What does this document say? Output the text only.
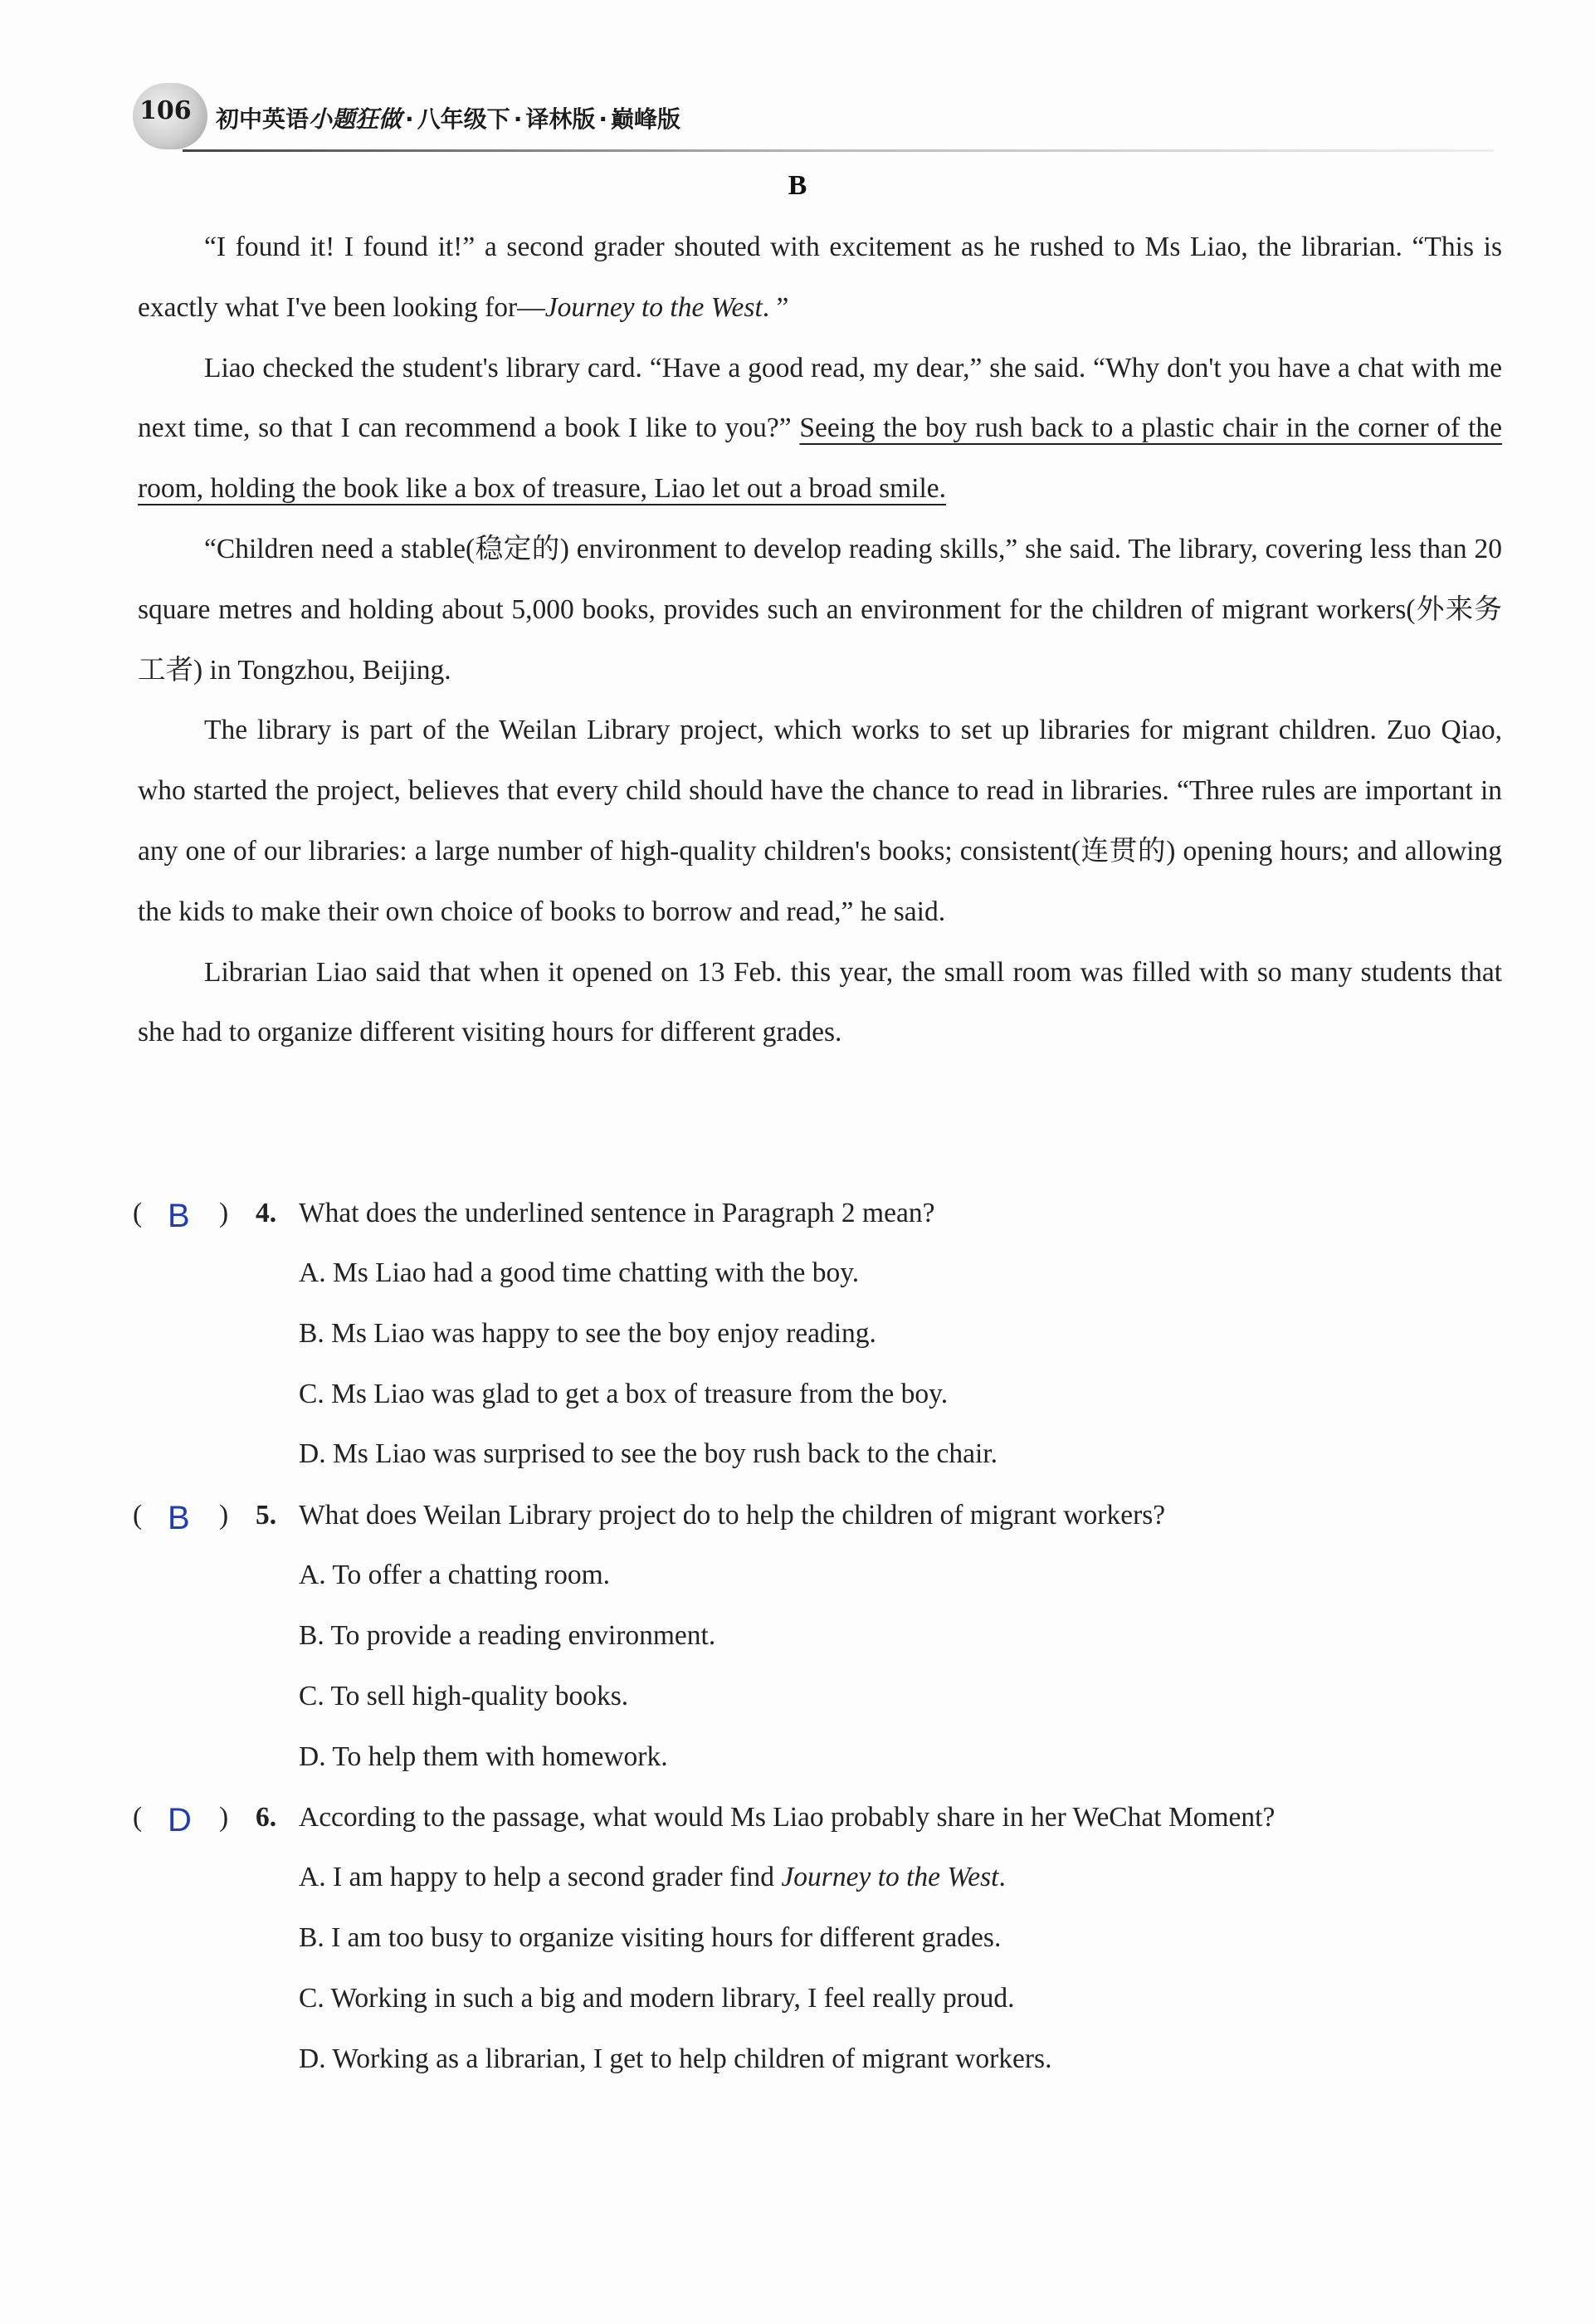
106 初中英语小题狂做 · 八年级下 · 译林版 · 巅峰版
B

“I found it! I found it!” a second grader shouted with excitement as he rushed to Ms Liao, the librarian. “This is exactly what I've been looking for—Journey to the West. ”

Liao checked the student's library card. “Have a good read, my dear,” she said. “Why don't you have a chat with me next time, so that I can recommend a book I like to you?” Seeing the boy rush back to a plastic chair in the corner of the room, holding the book like a box of treasure, Liao let out a broad smile.

“Children need a stable(稳定的) environment to develop reading skills,” she said. The library, covering less than 20 square metres and holding about 5,000 books, provides such an environment for the children of migrant workers(外来务工者) in Tongzhou, Beijing.

The library is part of the Weilan Library project, which works to set up libraries for migrant children. Zuo Qiao, who started the project, believes that every child should have the chance to read in libraries. “Three rules are important in any one of our libraries: a large number of high-quality children's books; consistent(连贯的) opening hours; and allowing the kids to make their own choice of books to borrow and read,” he said.

Librarian Liao said that when it opened on 13 Feb. this year, the small room was filled with so many students that she had to organize different visiting hours for different grades.

( B ) 4. What does the underlined sentence in Paragraph 2 mean?
A. Ms Liao had a good time chatting with the boy.
B. Ms Liao was happy to see the boy enjoy reading.
C. Ms Liao was glad to get a box of treasure from the boy.
D. Ms Liao was surprised to see the boy rush back to the chair.
( B ) 5. What does Weilan Library project do to help the children of migrant workers?
A. To offer a chatting room.
B. To provide a reading environment.
C. To sell high-quality books.
D. To help them with homework.
( D ) 6. According to the passage, what would Ms Liao probably share in her WeChat Moment?
A. I am happy to help a second grader find Journey to the West.
B. I am too busy to organize visiting hours for different grades.
C. Working in such a big and modern library, I feel really proud.
D. Working as a librarian, I get to help children of migrant workers.
